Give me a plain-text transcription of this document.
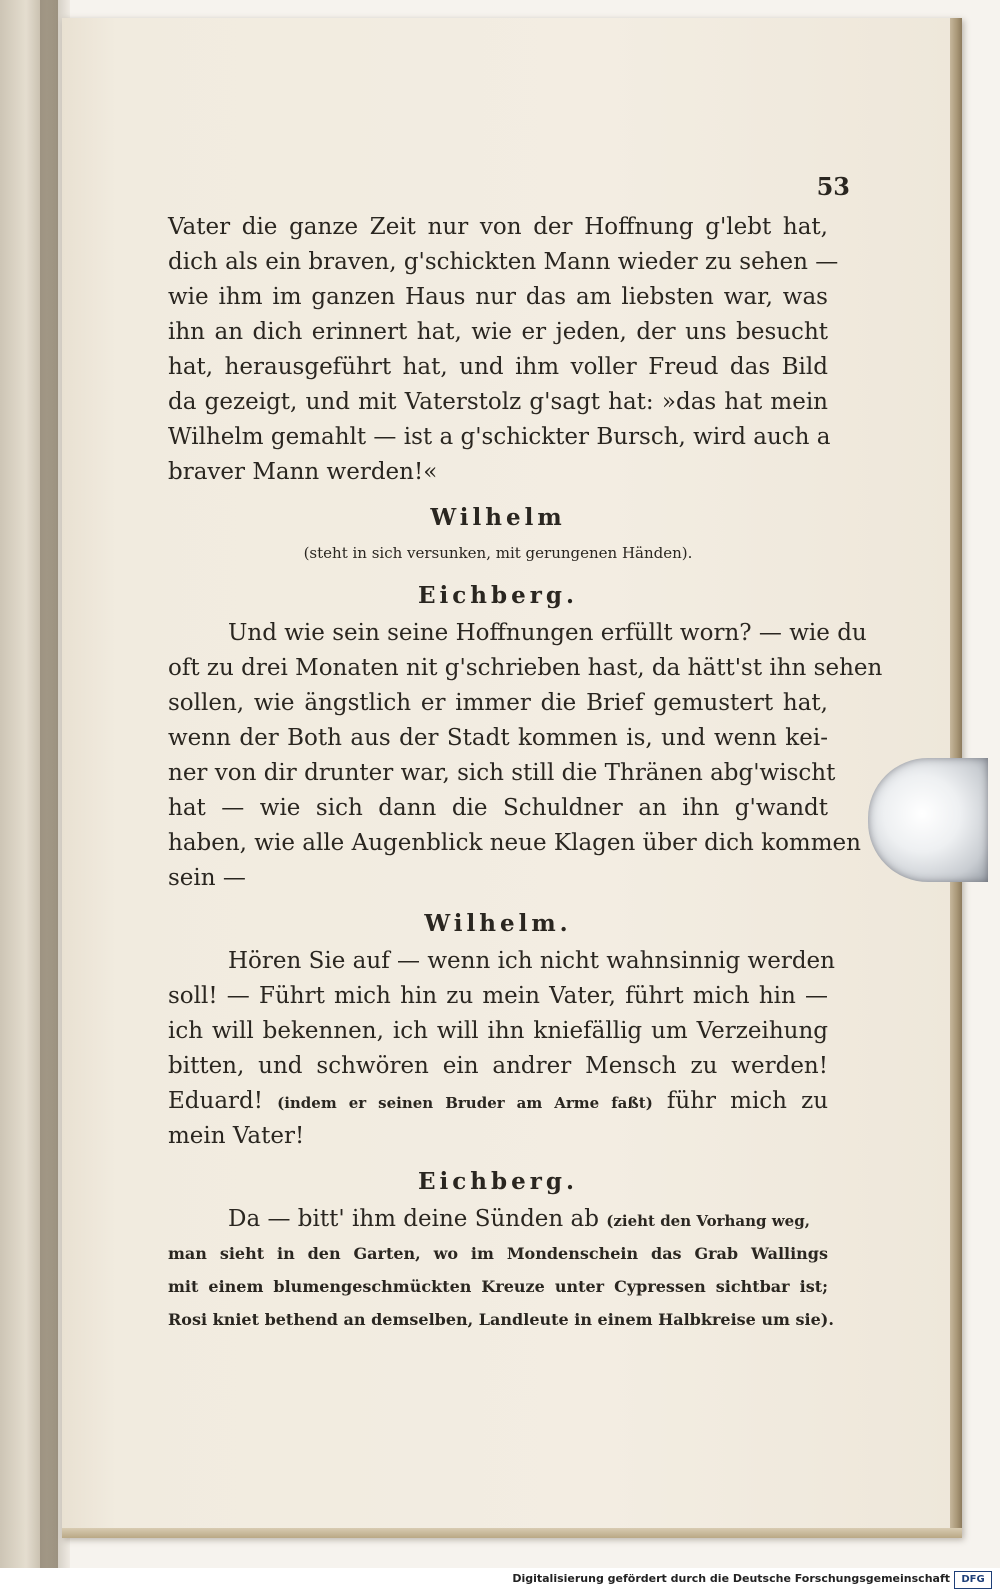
53
Vater die ganze Zeit nur von der Hoffnung g'lebt hat,
dich als ein braven, g'schickten Mann wieder zu sehen —
wie ihm im ganzen Haus nur das am liebsten war, was
ihn an dich erinnert hat, wie er jeden, der uns besucht
hat, herausgeführt hat, und ihm voller Freud das Bild
da gezeigt, und mit Vaterstolz g'sagt hat: »das hat mein
Wilhelm gemahlt — ist a g'schickter Bursch, wird auch a
braver Mann werden!«
Wilhelm
(steht in sich versunken, mit gerungenen Händen).
Eichberg.
Und wie sein seine Hoffnungen erfüllt worn? — wie du
oft zu drei Monaten nit g'schrieben hast, da hätt'st ihn sehen
sollen, wie ängstlich er immer die Brief gemustert hat,
wenn der Both aus der Stadt kommen is, und wenn kei-
ner von dir drunter war, sich still die Thränen abg'wischt
hat — wie sich dann die Schuldner an ihn g'wandt
haben, wie alle Augenblick neue Klagen über dich kommen
sein —
Wilhelm.
Hören Sie auf — wenn ich nicht wahnsinnig werden
soll! — Führt mich hin zu mein Vater, führt mich hin —
ich will bekennen, ich will ihn kniefällig um Verzeihung
bitten, und schwören ein andrer Mensch zu werden!
Eduard! (indem er seinen Bruder am Arme faßt) führ mich zu
mein Vater!
Eichberg.
Da — bitt' ihm deine Sünden ab (zieht den Vorhang weg,
man sieht in den Garten, wo im Mondenschein das Grab Wallings
mit einem blumengeschmückten Kreuze unter Cypressen sichtbar ist;
Rosi kniet bethend an demselben, Landleute in einem Halbkreise um sie).
Digitalisierung gefördert durch die Deutsche Forschungsgemeinschaft	DFG
